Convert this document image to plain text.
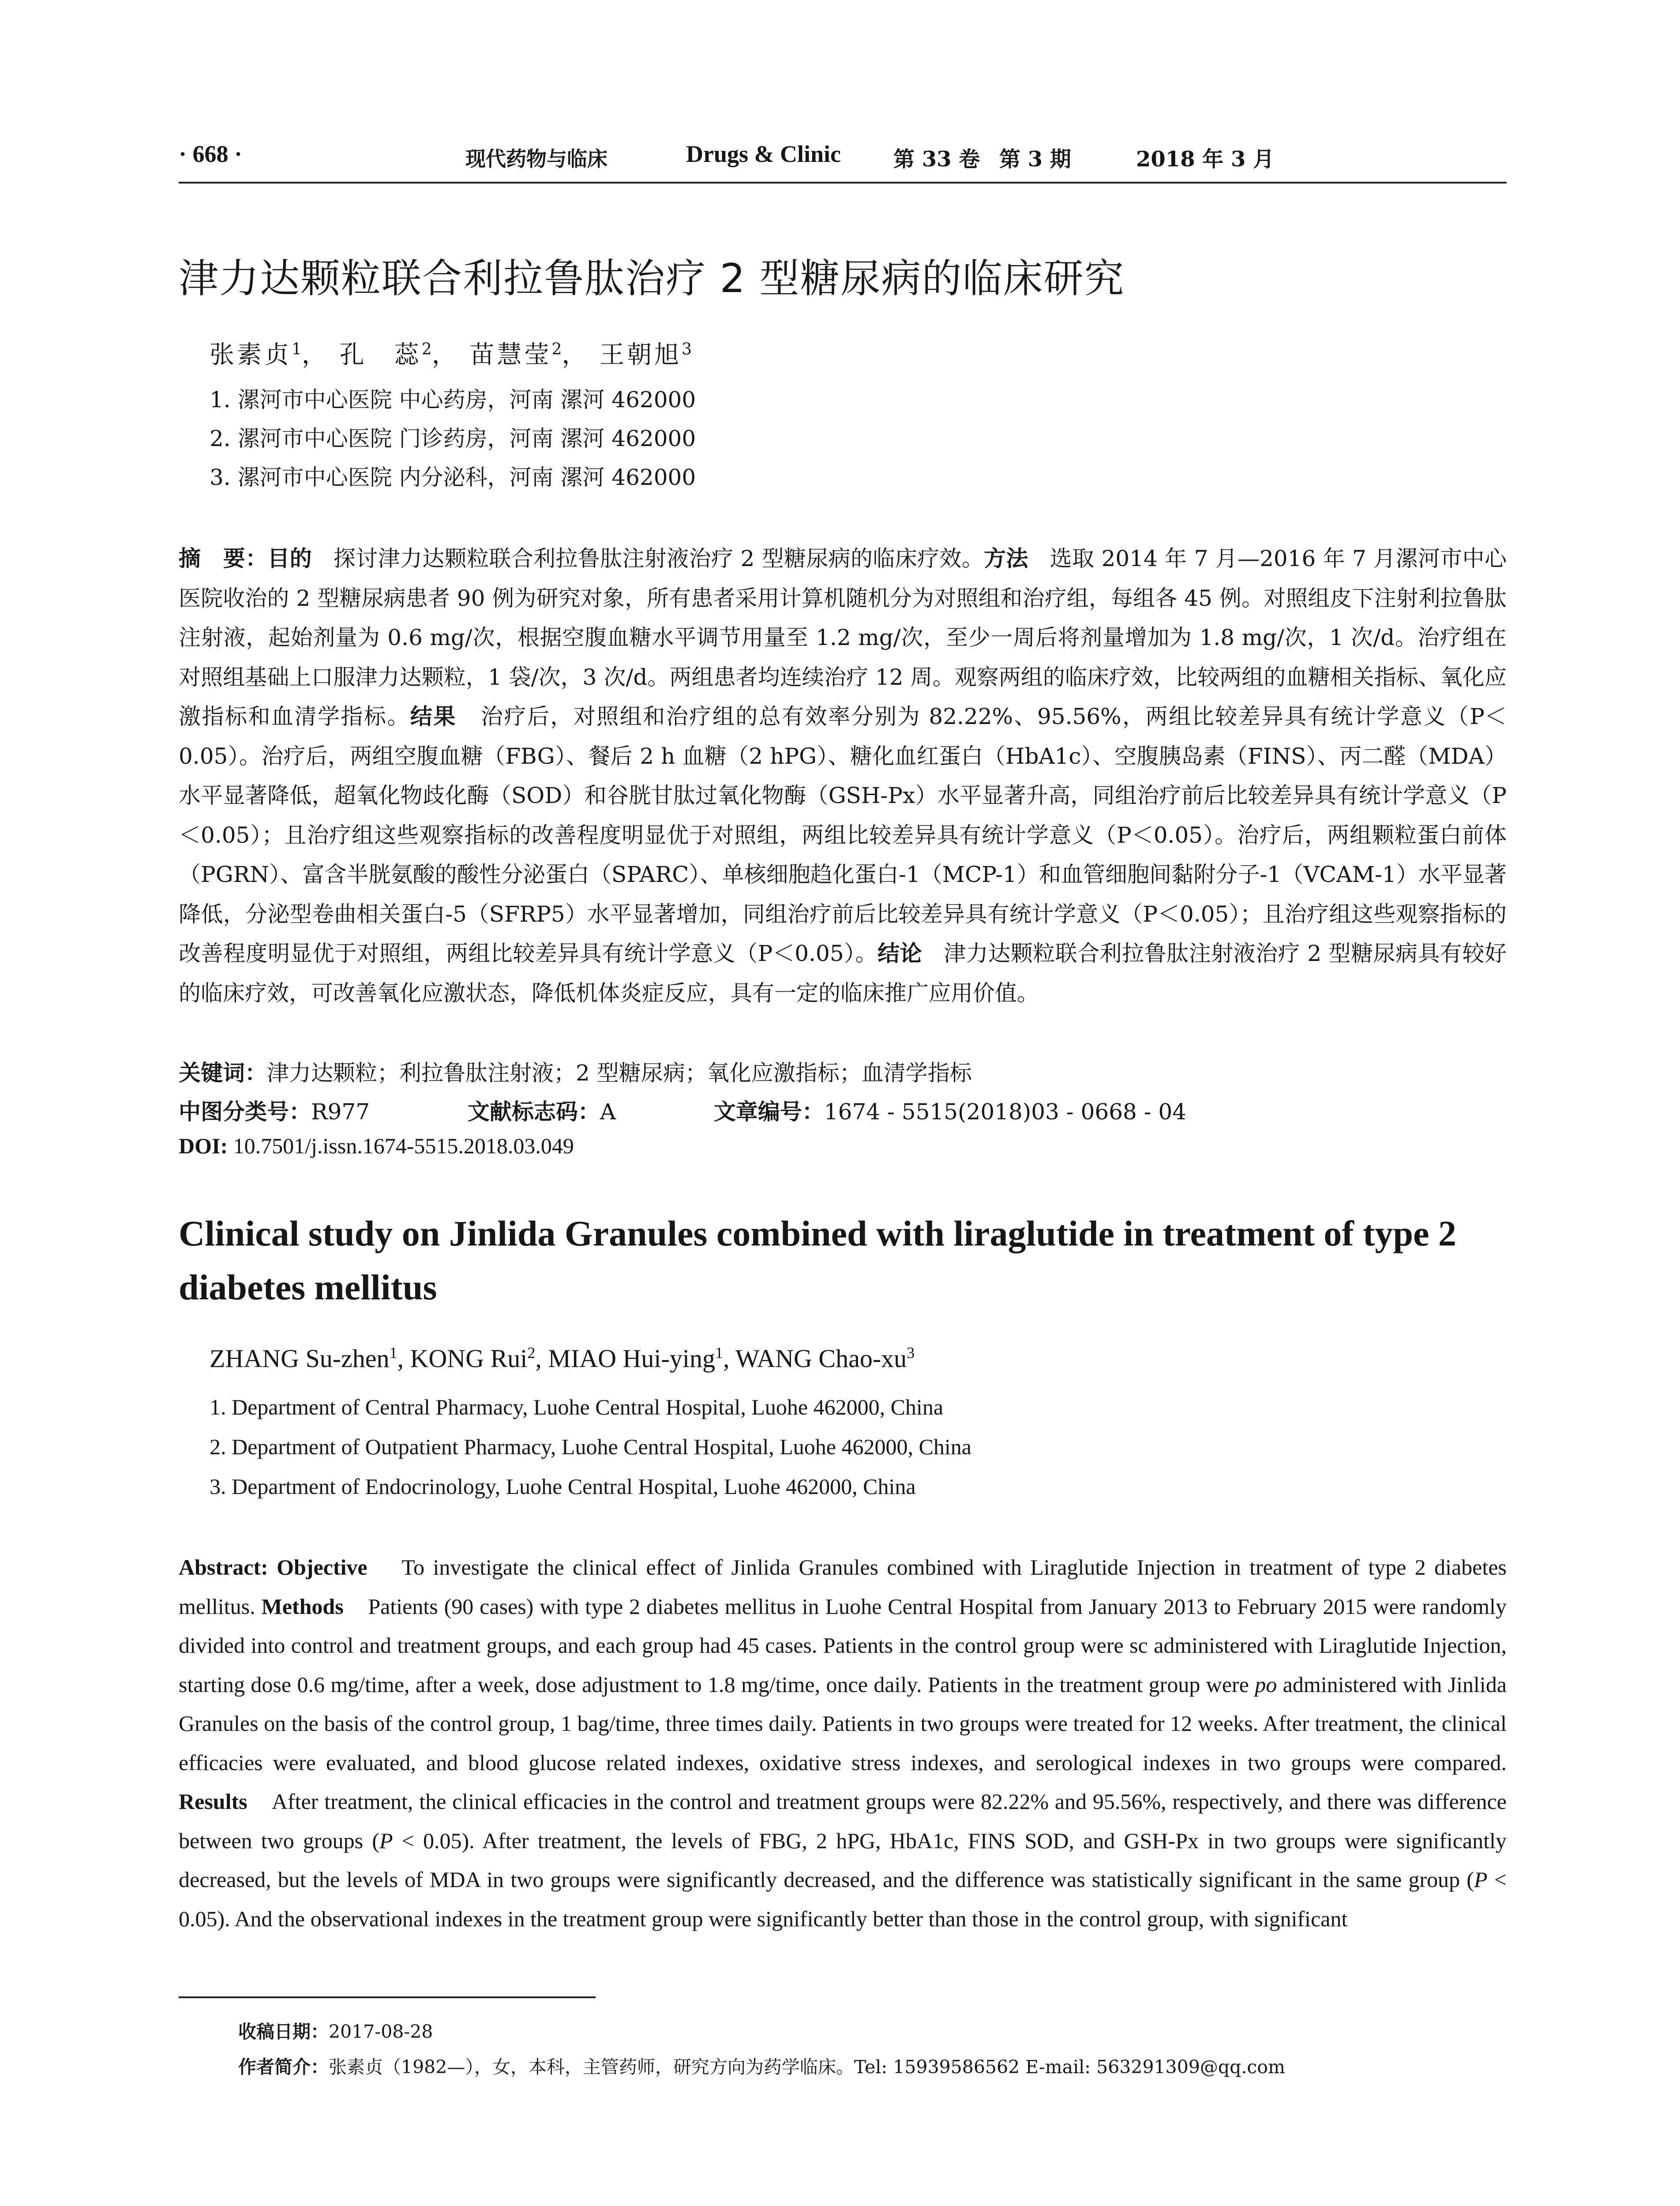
· 668 ·	现代药物与临床	Drugs & Clinic 第 33 卷 第 3 期	2018 年 3 月
津力达颗粒联合利拉鲁肽治疗 2 型糖尿病的临床研究
张素贞$^1$， 孔　蕊$^2$， 苗慧莹$^2$， 王朝旭$^3$
1. 漯河市中心医院 中心药房，河南 漯河 462000
2. 漯河市中心医院 门诊药房，河南 漯河 462000
3. 漯河市中心医院 内分泌科，河南 漯河 462000
摘　要：目的 探讨津力达颗粒联合利拉鲁肽注射液治疗 2 型糖尿病的临床疗效。方法 选取 2014 年 7 月—2016 年 7 月漯河市中心医院收治的 2 型糖尿病患者 90 例为研究对象，所有患者采用计算机随机分为对照组和治疗组，每组各 45 例。对照组皮下注射利拉鲁肽注射液，起始剂量为 0.6 mg/次，根据空腹血糖水平调节用量至 1.2 mg/次，至少一周后将剂量增加为 1.8 mg/次，1 次/d。治疗组在对照组基础上口服津力达颗粒，1 袋/次，3 次/d。两组患者均连续治疗 12 周。观察两组的临床疗效，比较两组的血糖相关指标、氧化应激指标和血清学指标。结果 治疗后，对照组和治疗组的总有效率分别为 82.22%、95.56%，两组比较差异具有统计学意义（P＜0.05）。治疗后，两组空腹血糖（FBG）、餐后 2 h 血糖（2 hPG）、糖化血红蛋白（HbA1c）、空腹胰岛素（FINS）、丙二醛（MDA）水平显著降低，超氧化物歧化酶（SOD）和谷胱甘肽过氧化物酶（GSH-Px）水平显著升高，同组治疗前后比较差异具有统计学意义（P＜0.05）；且治疗组这些观察指标的改善程度明显优于对照组，两组比较差异具有统计学意义（P＜0.05）。治疗后，两组颗粒蛋白前体（PGRN）、富含半胱氨酸的酸性分泌蛋白（SPARC）、单核细胞趋化蛋白-1（MCP-1）和血管细胞间黏附分子-1（VCAM-1）水平显著降低，分泌型卷曲相关蛋白-5（SFRP5）水平显著增加，同组治疗前后比较差异具有统计学意义（P＜0.05）；且治疗组这些观察指标的改善程度明显优于对照组，两组比较差异具有统计学意义（P＜0.05）。结论 津力达颗粒联合利拉鲁肽注射液治疗 2 型糖尿病具有较好的临床疗效，可改善氧化应激状态，降低机体炎症反应，具有一定的临床推广应用价值。
关键词：津力达颗粒；利拉鲁肽注射液；2 型糖尿病；氧化应激指标；血清学指标
中图分类号：R977	文献标志码：A	文章编号：1674 - 5515(2018)03 - 0668 - 04
DOI: 10.7501/j.issn.1674-5515.2018.03.049
Clinical study on Jinlida Granules combined with liraglutide in treatment of type 2 diabetes mellitus
ZHANG Su-zhen$^1$, KONG Rui$^2$, MIAO Hui-ying$^1$, WANG Chao-$xu^3$
1. Department of Central Pharmacy, Luohe Central Hospital, Luohe 462000, China
2. Department of Outpatient Pharmacy, Luohe Central Hospital, Luohe 462000, China
3. Department of Endocrinology, Luohe Central Hospital, Luohe 462000, China
Abstract: Objective To investigate the clinical effect of Jinlida Granules combined with Liraglutide Injection in treatment of type 2 diabetes mellitus. Methods Patients (90 cases) with type 2 diabetes mellitus in Luohe Central Hospital from January 2013 to February 2015 were randomly divided into control and treatment groups, and each group had 45 cases. Patients in the control group were sc administered with Liraglutide Injection, starting dose 0.6 mg/time, after a week, dose adjustment to 1.8 mg/time, once daily. Patients in the treatment group were po administered with Jinlida Granules on the basis of the control group, 1 bag/time, three times daily. Patients in two groups were treated for 12 weeks. After treatment, the clinical efficacies were evaluated, and blood glucose related indexes, oxidative stress indexes, and serological indexes in two groups were compared. Results After treatment, the clinical efficacies in the control and treatment groups were 82.22% and 95.56%, respectively, and there was difference between two groups (P < 0.05). After treatment, the levels of FBG, 2 hPG, HbA1c, FINS SOD, and GSH-Px in two groups were significantly decreased, but the levels of MDA in two groups were significantly decreased, and the difference was statistically significant in the same group (P < 0.05). And the observational indexes in the treatment group were significantly better than those in the control group, with significant
收稿日期：2017-08-28
作者简介：张素贞（1982—），女，本科，主管药师，研究方向为药学临床。Tel: 15939586562 E-mail: 563291309@qq.com
